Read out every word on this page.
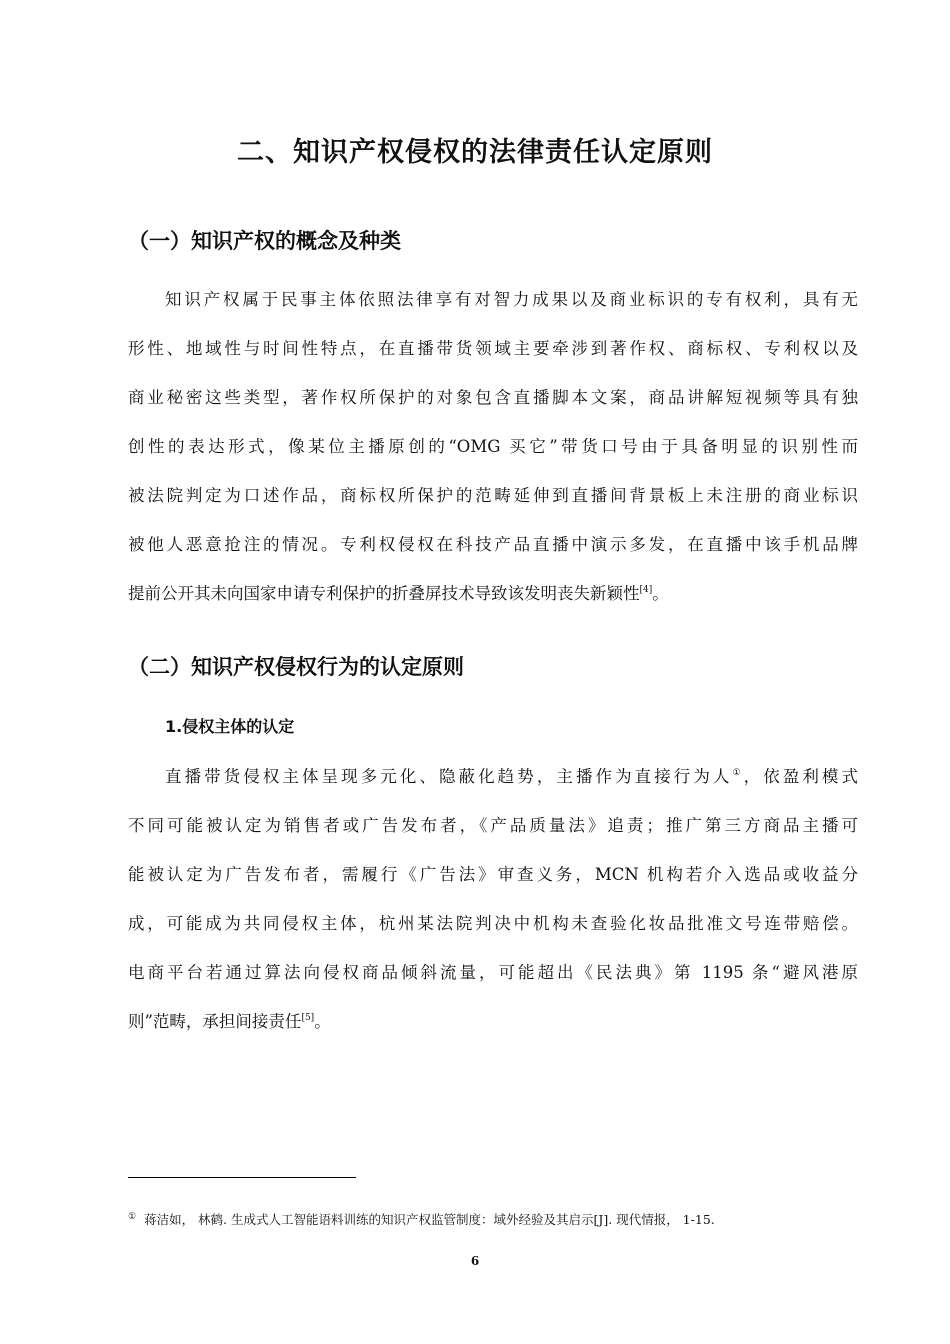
二、知识产权侵权的法律责任认定原则
（一）知识产权的概念及种类

知识产权属于民事主体依照法律享有对智力成果以及商业标识的专有权利，具有无
形性、地域性与时间性特点，在直播带货领域主要牵涉到著作权、商标权、专利权以及
商业秘密这些类型，著作权所保护的对象包含直播脚本文案，商品讲解短视频等具有独
创性的表达形式，像某位主播原创的“OMG 买它”带货口号由于具备明显的识别性而
被法院判定为口述作品，商标权所保护的范畴延伸到直播间背景板上未注册的商业标识
被他人恶意抢注的情况。专利权侵权在科技产品直播中演示多发，在直播中该手机品牌
提前公开其未向国家申请专利保护的折叠屏技术导致该发明丧失新颖性[4]。

（二）知识产权侵权行为的认定原则
1.侵权主体的认定

直播带货侵权主体呈现多元化、隐蔽化趋势，主播作为直接行为人①，依盈利模式
不同可能被认定为销售者或广告发布者，《产品质量法》追责；推广第三方商品主播可
能被认定为广告发布者，需履行《广告法》审查义务，MCN 机构若介入选品或收益分
成，可能成为共同侵权主体，杭州某法院判决中机构未查验化妆品批准文号连带赔偿。
电商平台若通过算法向侵权商品倾斜流量，可能超出《民法典》第 1195 条“避风港原
则”范畴，承担间接责任[5]。

① 蒋洁如， 林鹤. 生成式人工智能语料训练的知识产权监管制度：域外经验及其启示[J]. 现代情报， 1-15.

6
